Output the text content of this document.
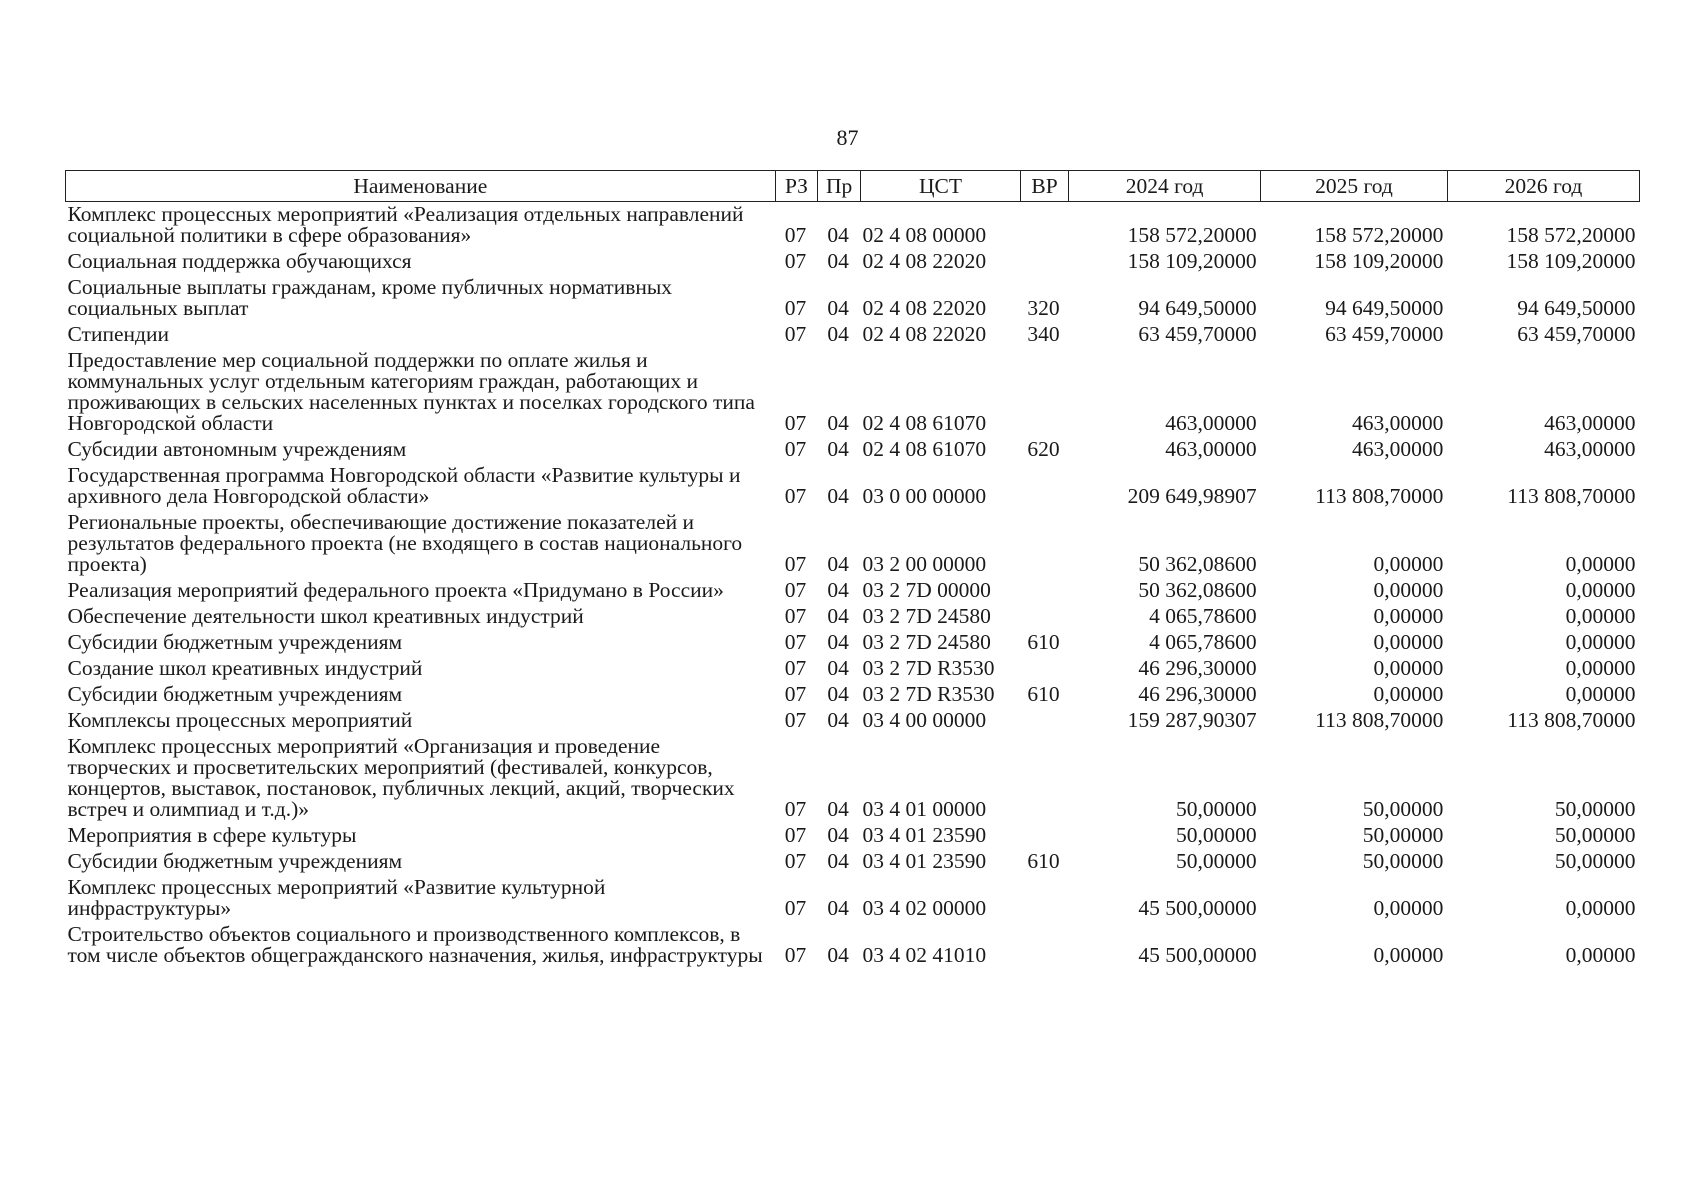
87
Наименование	РЗ	Пр	ЦСТ	ВР	2024 год	2025 год	2026 год
Комплекс процессных мероприятий «Реализация отдельных направлений социальной политики в сфере образования»	07	04	02 4 08 00000		158 572,20000	158 572,20000	158 572,20000
Социальная поддержка обучающихся	07	04	02 4 08 22020		158 109,20000	158 109,20000	158 109,20000
Социальные выплаты гражданам, кроме публичных нормативных социальных выплат	07	04	02 4 08 22020	320	94 649,50000	94 649,50000	94 649,50000
Стипендии	07	04	02 4 08 22020	340	63 459,70000	63 459,70000	63 459,70000
Предоставление мер социальной поддержки по оплате жилья и коммунальных услуг отдельным категориям граждан, работающих и проживающих в сельских населенных пунктах и поселках городского типа Новгородской области	07	04	02 4 08 61070		463,00000	463,00000	463,00000
Субсидии автономным учреждениям	07	04	02 4 08 61070	620	463,00000	463,00000	463,00000
Государственная программа Новгородской области «Развитие культуры и архивного дела Новгородской области»	07	04	03 0 00 00000		209 649,98907	113 808,70000	113 808,70000
Региональные проекты, обеспечивающие достижение показателей и результатов федерального проекта (не входящего в состав национального проекта)	07	04	03 2 00 00000		50 362,08600	0,00000	0,00000
Реализация мероприятий федерального проекта «Придумано в России»	07	04	03 2 7D 00000		50 362,08600	0,00000	0,00000
Обеспечение деятельности школ креативных индустрий	07	04	03 2 7D 24580		4 065,78600	0,00000	0,00000
Субсидии бюджетным учреждениям	07	04	03 2 7D 24580	610	4 065,78600	0,00000	0,00000
Создание школ креативных индустрий	07	04	03 2 7D R3530		46 296,30000	0,00000	0,00000
Субсидии бюджетным учреждениям	07	04	03 2 7D R3530	610	46 296,30000	0,00000	0,00000
Комплексы процессных мероприятий	07	04	03 4 00 00000		159 287,90307	113 808,70000	113 808,70000
Комплекс процессных мероприятий «Организация и проведение творческих и просветительских мероприятий (фестивалей, конкурсов, концертов, выставок, постановок, публичных лекций, акций, творческих встреч и олимпиад и т.д.)»	07	04	03 4 01 00000		50,00000	50,00000	50,00000
Мероприятия в сфере культуры	07	04	03 4 01 23590		50,00000	50,00000	50,00000
Субсидии бюджетным учреждениям	07	04	03 4 01 23590	610	50,00000	50,00000	50,00000
Комплекс процессных мероприятий «Развитие культурной инфраструктуры»	07	04	03 4 02 00000		45 500,00000	0,00000	0,00000
Строительство объектов социального и производственного комплексов, в том числе объектов общегражданского назначения, жилья, инфраструктуры	07	04	03 4 02 41010		45 500,00000	0,00000	0,00000
